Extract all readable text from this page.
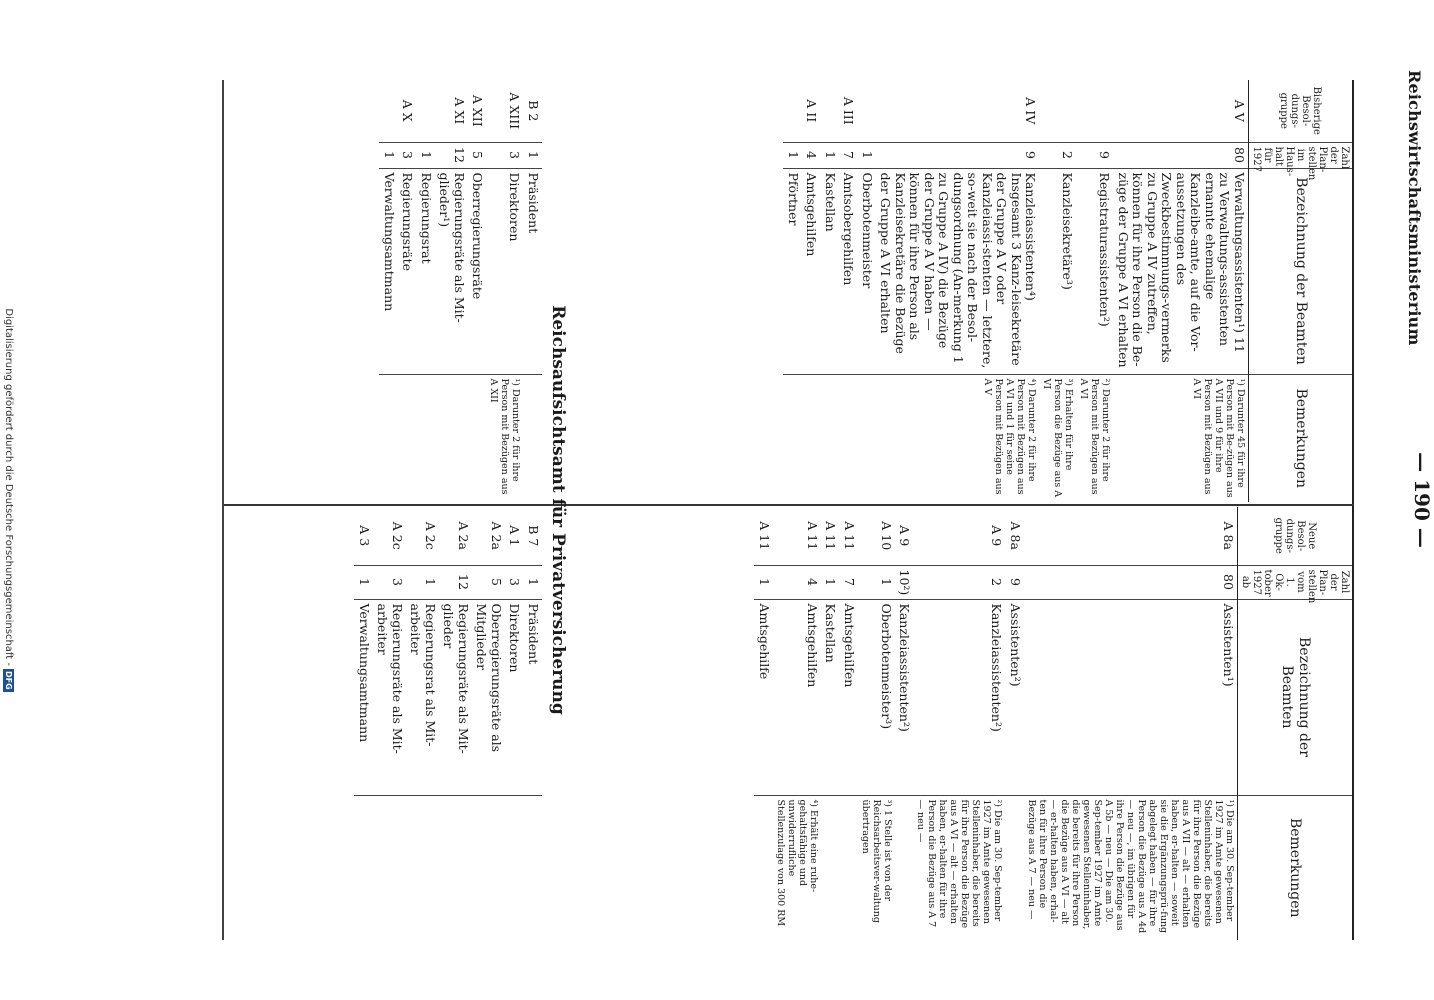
Reichswirtschaftsministerium
— 190 —
Bisherige Besol-dungs-gruppe	Zahl der Plan-stellen im Haus-halt für 1927	Bezeichnung der Beamten	Bemerkungen
A V	80	Verwaltungsassistenten¹) 11 zu Verwaltungs-assistenten ernannte ehemalige Kanzleibe-amte, auf die Vor-aussetzungen des Zweckbestimmungs-vermerks zu Gruppe A IV zutreffen, können für ihre Person die Be-züge der Gruppe A VI erhalten	¹) Darunter 45 für ihre Person mit Be-zügen aus A VII und 9 für ihre Person mit Bezügen aus A VI
	9	Registraturassistenten²)	²) Darunter 2 für ihre Person mit Bezügen aus A VI
	2	Kanzleisekretäre³)	³) Erhalten für ihre Person die Bezüge aus A VI
A IV	9	Kanzleiassistenten⁴) Insgesamt 3 Kanz-leisekretäre der Gruppe A V oder Kanzleiassi-stenten — letztere, so-weit sie nach der Besol-dungsordnung (An-merkung 1 zu Gruppe A IV) die Bezüge der Gruppe A V haben — können für ihre Person als Kanzleisekretäre die Bezüge der Gruppe A VI erhalten	⁴) Darunter 2 für ihre Person mit Bezügen aus A VI und 1 für seine Person mit Bezügen aus A V
	1	Oberbotenmeister	
A III	7	Amtsobergehilfen	
	1	Kastellan	
A II	4	Amtsgehilfen	
	1	Pförtner	
Neue Besol-dungs-gruppe	Zahl der Plan-stellen vom 1. Ok-tober 1927 ab	Bezeichnung der Beamten	Bemerkungen
A 8a	80	Assistenten¹)	¹) Die am 30. Sep-tember 1927 im Amte gewesenen Stelleninhaber, die bereits für ihre Person die Bezüge aus A VII — alt — erhalten haben, er-halten — soweit sie die Ergänzungsprü-fung abgelegt haben — für ihre Person die Bezüge aus A 4d — neu —, im übrigen für ihre Person die Bezüge aus A 5b — neu — Die am 30. Sep-tember 1927 im Amte gewesenen Stelleninhaber, die bereits für ihre Person die Bezüge aus A VI — alt — er-halten haben, erhal-ten für ihre Person die Bezüge aus A 7 — neu —
A 8a	9	Assistenten²)	
A 9	2	Kanzleiassistenten²)	²) Die am 30. Sep-tember 1927 im Amte gewesenen Stelleninhaber, die bereits für ihre Person die Bezüge aus A VI — alt — erhalten haben, er-halten für ihre Person die Bezüge aus A 7 — neu —
A 9	10²)	Kanzleiassistenten²)	
A 10	1	Oberbotenmeister³)	³) 1 Stelle ist von der Reichsarbeitsver-waltung übertragen
A 11	7	Amtsgehilfen	
A 11	1	Kastellan	
A 11	4	Amtsgehilfen	⁴) Erhält eine ruhe-gehaltsfähige und unwiderrufliche Stellenzulage von 300 RM
A 11	1	Amtsgehilfe	
Reichsaufsichtsamt für Privatversicherung
B 2	1	Präsident	
A XIII	3	Direktoren	¹) Darunter 2 für ihre Person mit Bezügen aus A XII
A XII	5	Oberregierungsräte	
A XI	12	Regierungsräte als Mit-glieder¹)	
	1	Regierungsrat	
A X	3	Regierungsräte	
	1	Verwaltungsamtmann	
B 7	1	Präsident	
A 1	3	Direktoren	
A 2a	5	Oberregierungsräte als Mitglieder	
A 2a	12	Regierungsräte als Mit-glieder	
A 2c	1	Regierungsrat als Mit-arbeiter	
A 2c	3	Regierungsräte als Mit-arbeiter	
A 3	1	Verwaltungsamtmann	
Digitalisierung gefördert durch die Deutsche Forschungsgemeinschaft -DFG
